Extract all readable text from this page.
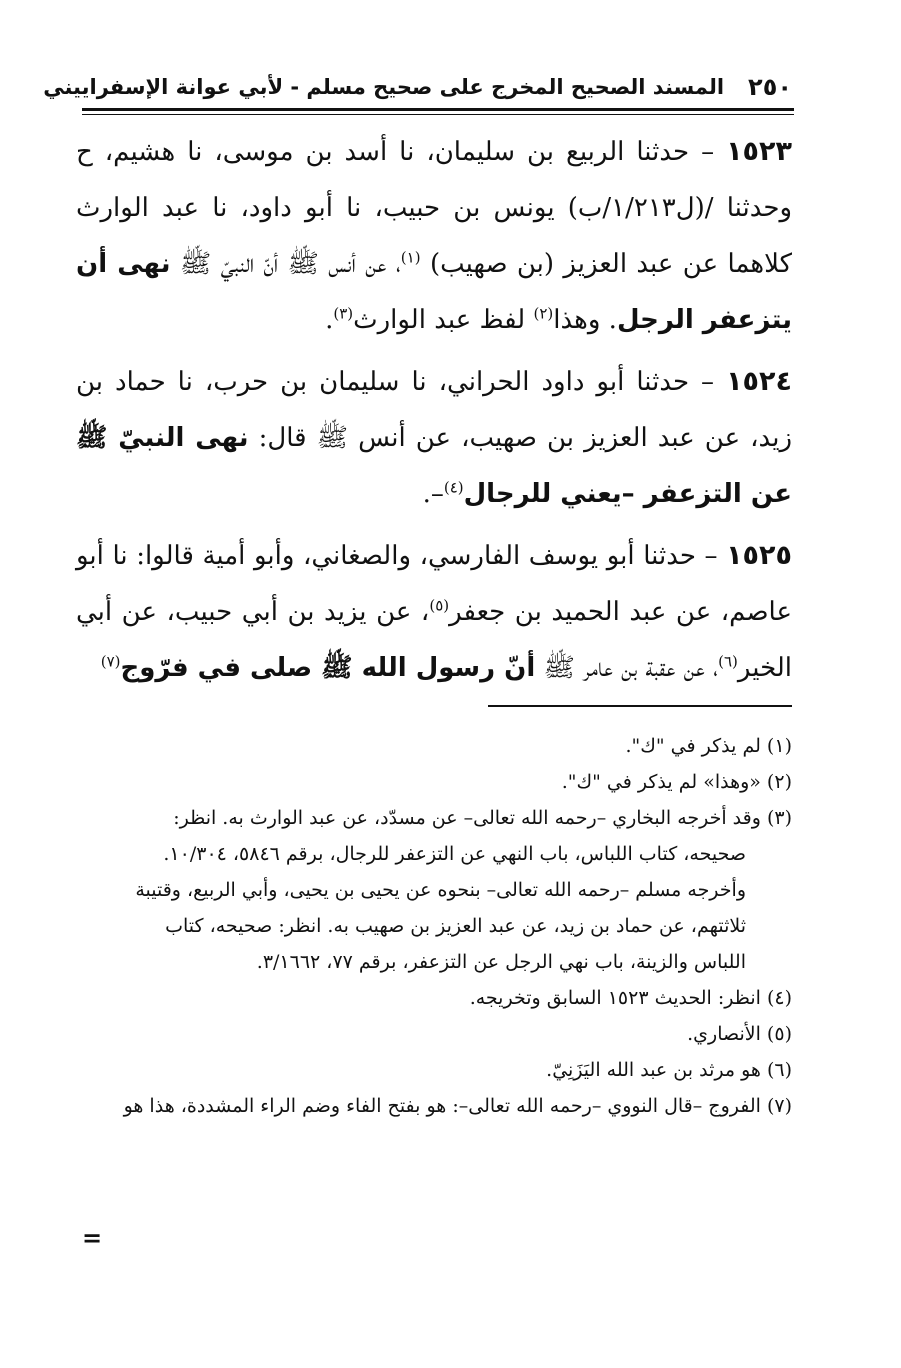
٢٥٠
المسند الصحيح المخرج على صحيح مسلم - لأبي عوانة الإسفراييني

١٥٢٣ – حدثنا الربيع بن سليمان، نا أسد بن موسى، نا هشيم، ح وحدثنا /(ل١/٢١٣/ب) يونس بن حبيب، نا أبو داود، نا عبد الوارث كلاهما عن عبد العزيز (بن صهيب) $^{(١)}$، عن أنس ﷺ أنّ النبيّ ﷺ نهى أن يتزعفر الرجل. وهذا$^{(٢)}$ لفظ عبد الوارث$^{(٣)}$.

١٥٢٤ – حدثنا أبو داود الحراني، نا سليمان بن حرب، نا حماد بن زيد، عن عبد العزيز بن صهيب، عن أنس ﷺ قال: نهى النبيّ ﷺ عن التزعفر –يعني للرجال$^{(٤)}$–.

١٥٢٥ – حدثنا أبو يوسف الفارسي، والصغاني، وأبو أمية قالوا: نا أبو عاصم، عن عبد الحميد بن جعفر$^{(٥)}$، عن يزيد بن أبي حبيب، عن أبي الخير$^{(٦)}$، عن عقبة بن عامر ﷺ أنّ رسول الله ﷺ صلى في فرّوج$^{(٧)}$

(١) لم يذكر في "ك".

(٢) «وهذا» لم يذكر في "ك".

(٣) وقد أخرجه البخاري –رحمه الله تعالى– عن مسدّد، عن عبد الوارث به. انظر:

صحيحه، كتاب اللباس، باب النهي عن التزعفر للرجال، برقم ٥٨٤٦، ١٠/٣٠٤.

وأخرجه مسلم –رحمه الله تعالى– بنحوه عن يحيى بن يحيى، وأبي الربيع، وقتيبة

ثلاثتهم، عن حماد بن زيد، عن عبد العزيز بن صهيب به. انظر: صحيحه، كتاب

اللباس والزينة، باب نهي الرجل عن التزعفر، برقم ٧٧، ٣/١٦٦٢.

(٤) انظر: الحديث ١٥٢٣ السابق وتخريجه.

(٥) الأنصاري.

(٦) هو مرثد بن عبد الله اليَزَنِيّ.

(٧) الفروج –قال النووي –رحمه الله تعالى–: هو بفتح الفاء وضم الراء المشددة، هذا هو

=
